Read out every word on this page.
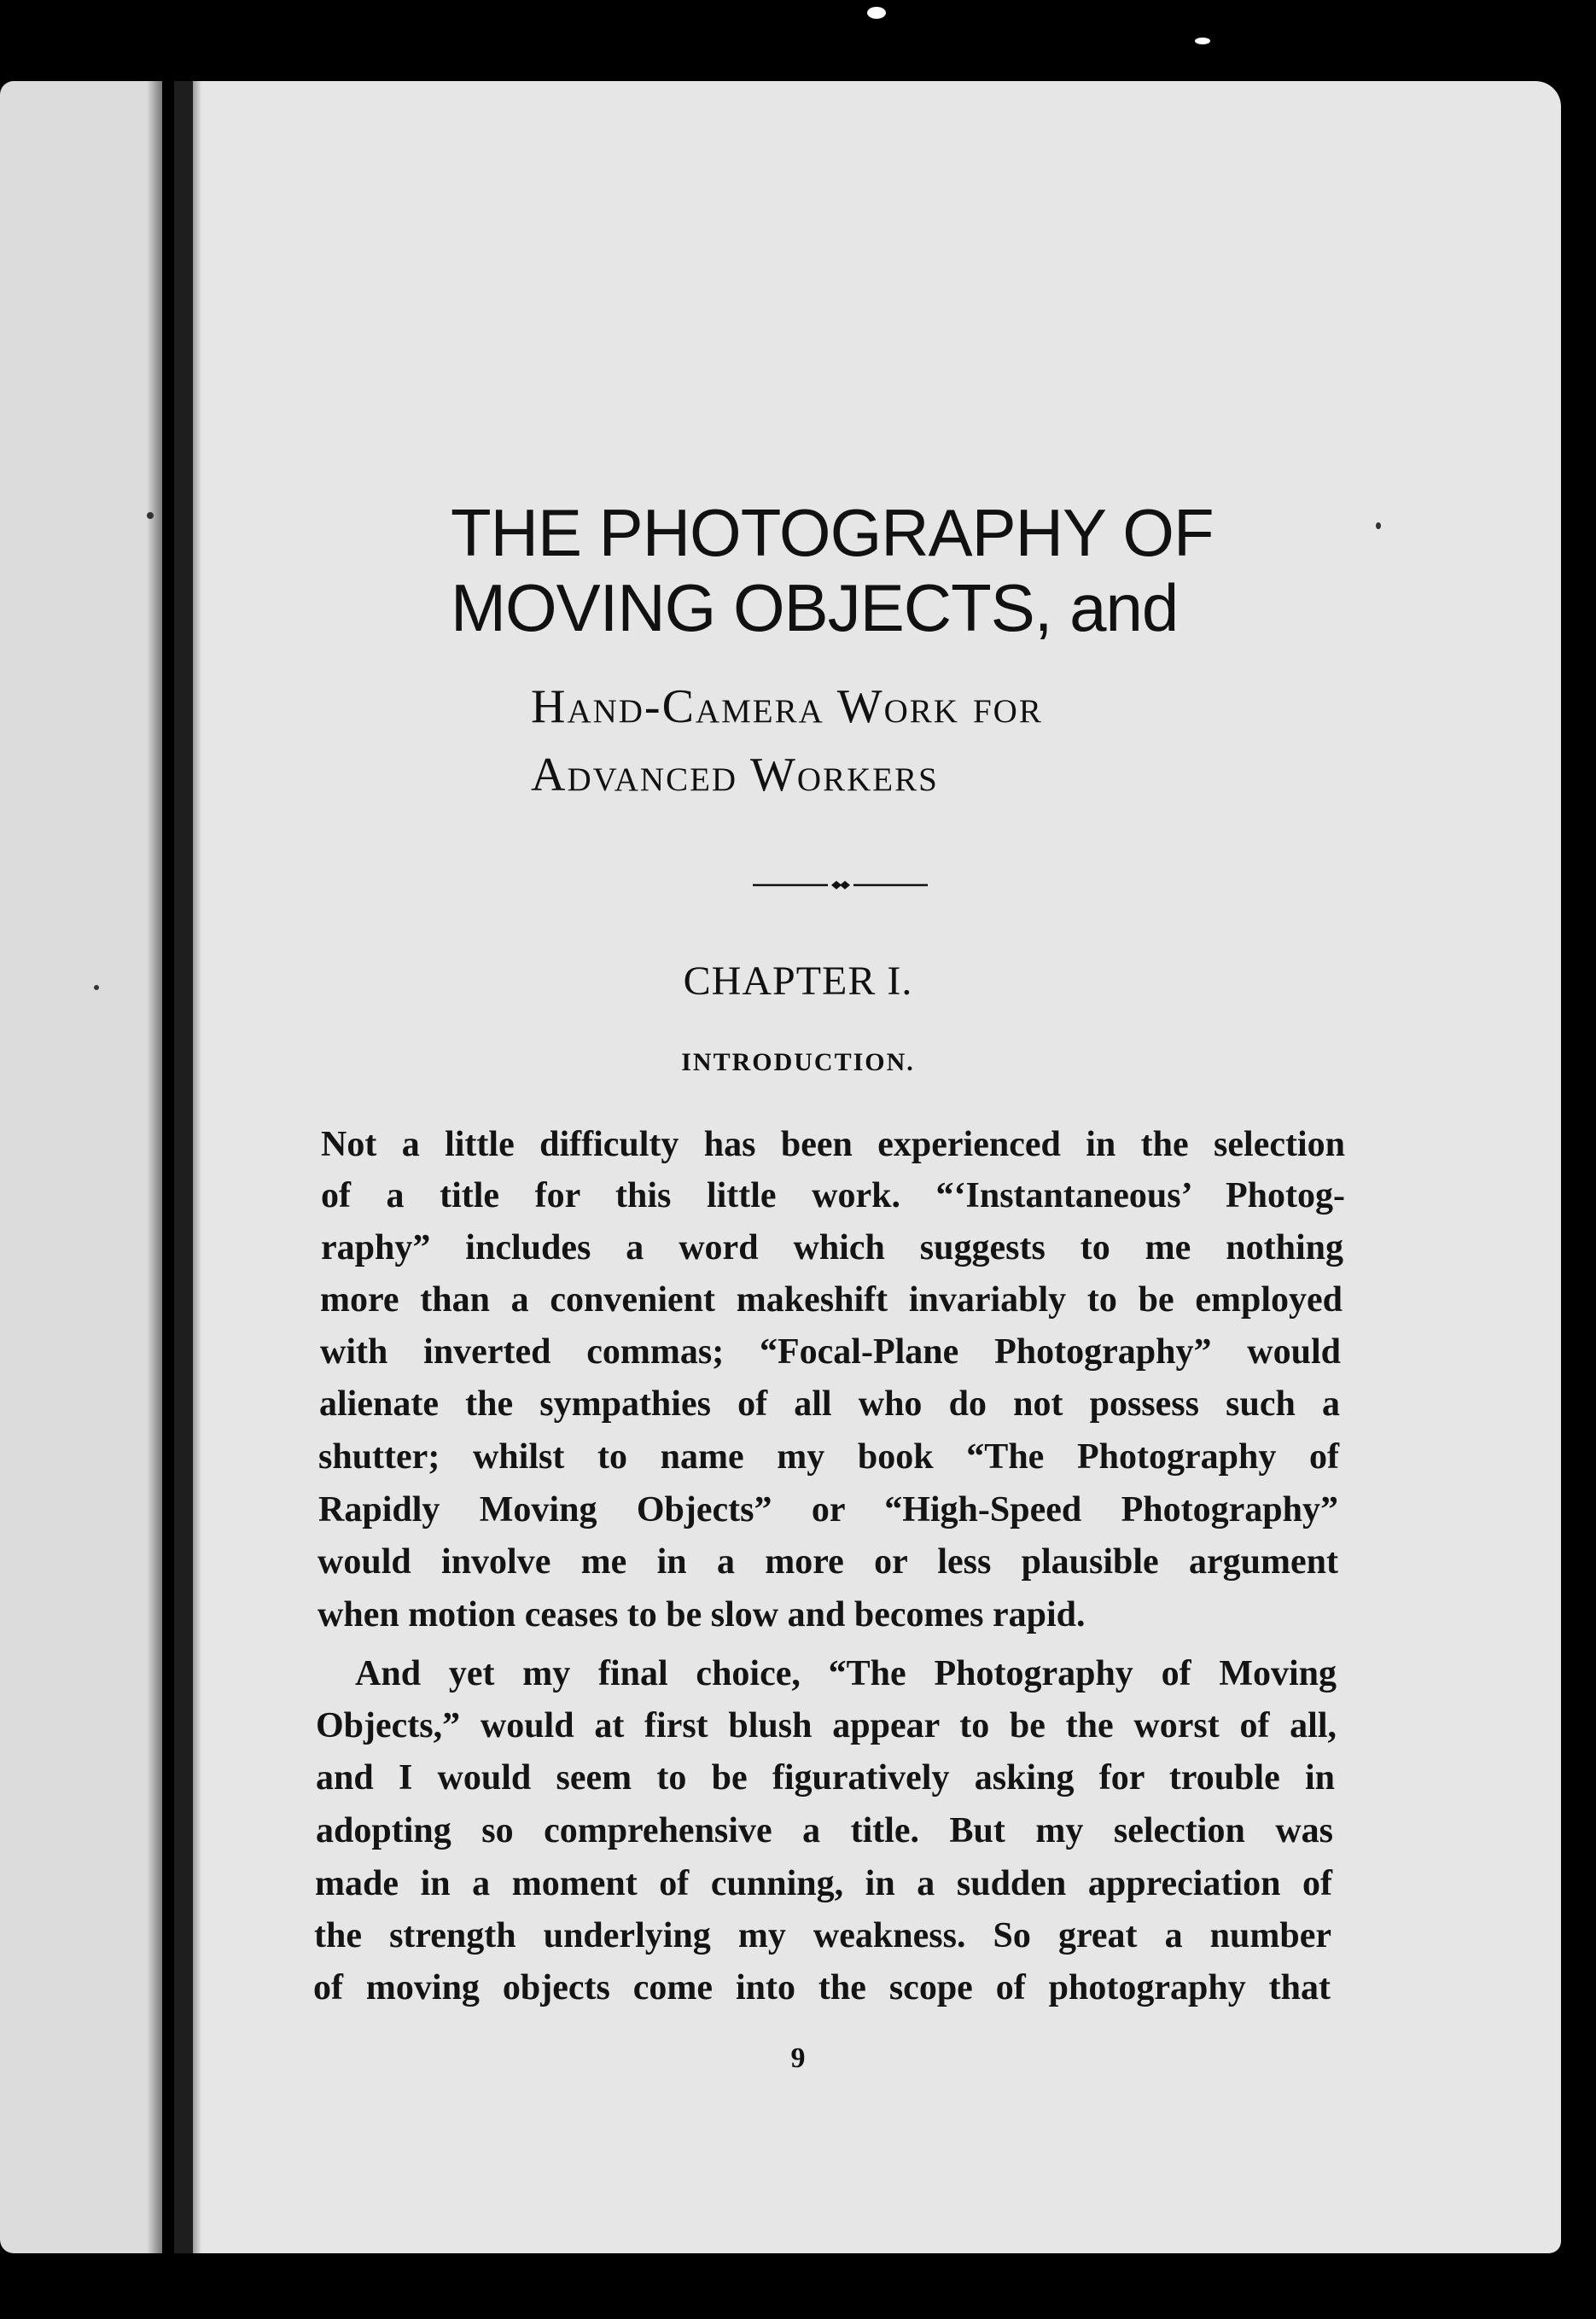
THE PHOTOGRAPHY OF
MOVING OBJECTS, and
Hand-Camera Work for
Advanced Workers
CHAPTER I.
INTRODUCTION.
Not a little difficulty has been experienced in the selection
of a title for this little work. “‘Instantaneous’ Photog-
raphy” includes a word which suggests to me nothing
more than a convenient makeshift invariably to be employed
with inverted commas; “Focal-Plane Photography” would
alienate the sympathies of all who do not possess such a
shutter; whilst to name my book “The Photography of
Rapidly Moving Objects” or “High-Speed Photography”
would involve me in a more or less plausible argument
when motion ceases to be slow and becomes rapid.
And yet my final choice, “The Photography of Moving
Objects,” would at first blush appear to be the worst of all,
and I would seem to be figuratively asking for trouble in
adopting so comprehensive a title. But my selection was
made in a moment of cunning, in a sudden appreciation of
the strength underlying my weakness. So great a number
of moving objects come into the scope of photography that
9
